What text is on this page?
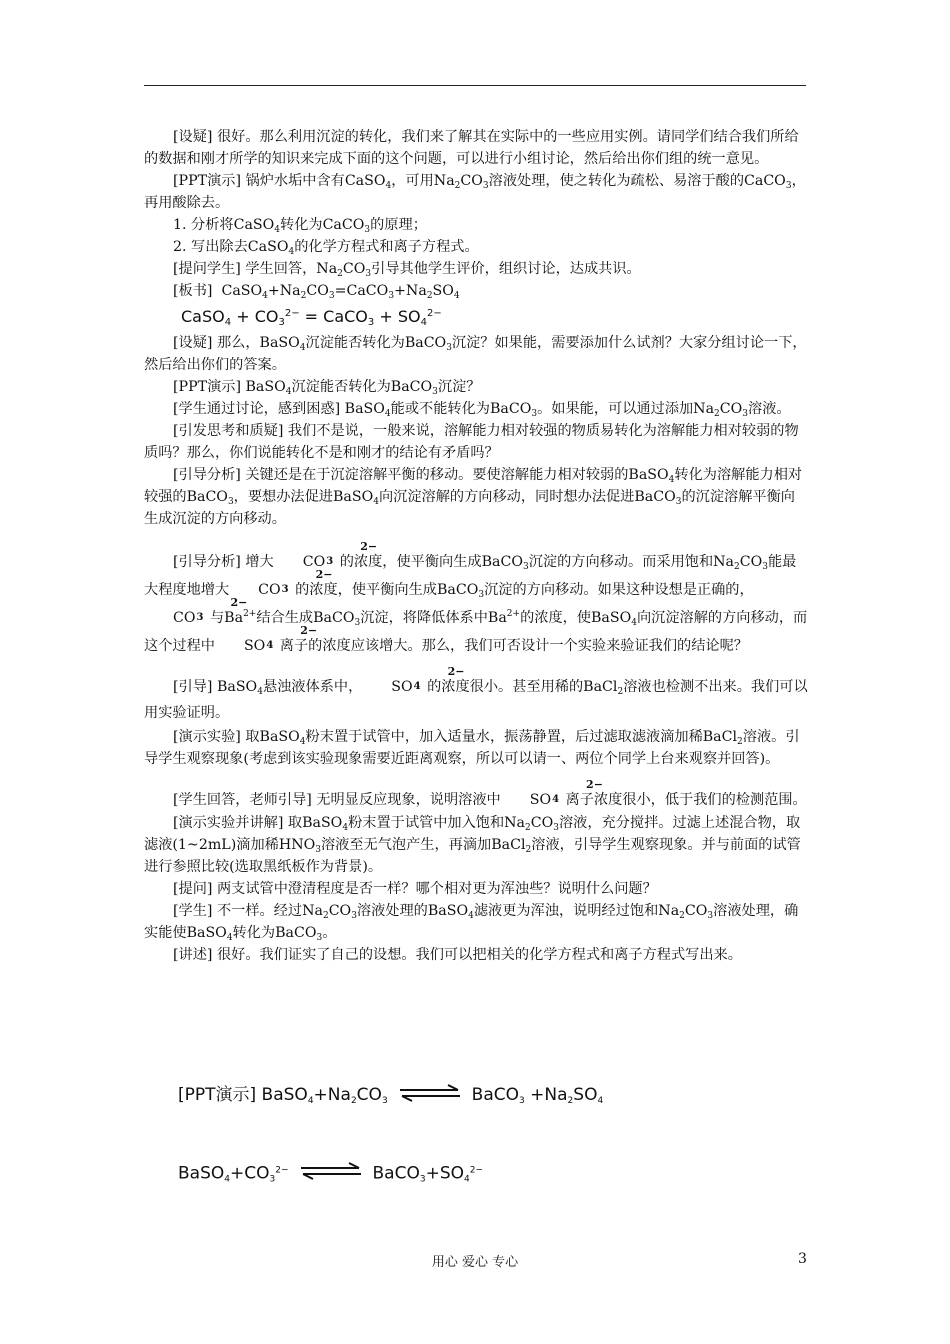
[设疑] 很好。那么利用沉淀的转化，我们来了解其在实际中的一些应用实例。请同学们结合我们所给的数据和刚才所学的知识来完成下面的这个问题，可以进行小组讨论，然后给出你们组的统一意见。

[PPT演示] 锅炉水垢中含有CaSO$_4$，可用$Na_2CO_3$溶液处理，使之转化为疏松、易溶于酸的CaCO$_3$，再用酸除去。

1. 分析将CaSO$_4$转化为CaCO$_3$的原理；

2. 写出除去CaSO$_4$的化学方程式和离子方程式。

[提问学生] 学生回答，$Na_2CO_3$引导其他学生评价，组织讨论，达成共识。

[板书]  $CaSO_4+Na_2CO_3=CaCO_3+Na_2SO_4$

CaSO$_4$ + $CO_3^{2-}$ = CaCO$_3$ + $SO_4^{2-}$

[设疑] 那么，BaSO$_4$沉淀能否转化为BaCO$_3$沉淀？如果能，需要添加什么试剂？大家分组讨论一下，然后给出你们的答案。

[PPT演示] BaSO$_4$沉淀能否转化为BaCO$_3$沉淀？

[学生通过讨论，感到困惑] BaSO$_4$能或不能转化为BaCO$_3$。如果能，可以通过添加$Na_2CO_3$溶液。

[引发思考和质疑] 我们不是说，一般来说，溶解能力相对较强的物质易转化为溶解能力相对较弱的物质吗？那么，你们说能转化不是和刚才的结论有矛盾吗？

[引导分析] 关键还是在于沉淀溶解平衡的移动。要使溶解能力相对较弱的BaSO$_4$转化为溶解能力相对较强的BaCO$_3$，要想办法促进BaSO$_4$向沉淀溶解的方向移动，同时想办法促进BaCO$_3$的沉淀溶解平衡向生成沉淀的方向移动。

[引导分析] 增大 CO3
2−
的浓度，使平衡向生成BaCO$_3$沉淀的方向移动。而采用饱和$Na_2CO_3$能最大程度地增大 CO3
2−
的浓度，使平衡向生成BaCO$_3$沉淀的方向移动。如果这种设想是正确的，CO3
2−
与$Ba^{2+}$结合生成BaCO$_3$沉淀，将降低体系中$Ba^{2+}$的浓度，使BaSO$_4$向沉淀溶解的方向移动，而这个过程中 SO4
2−
离子的浓度应该增大。那么，我们可否设计一个实验来验证我们的结论呢？

[引导] BaSO$_4$悬浊液体系中， SO4
2−
的浓度很小。甚至用稀的BaCl$_2$溶液也检测不出来。我们可以用实验证明。

[演示实验] 取BaSO$_4$粉末置于试管中，加入适量水，振荡静置，后过滤取滤液滴加稀BaCl$_2$溶液。引导学生观察现象(考虑到该实验现象需要近距离观察，所以可以请一、两位个同学上台来观察并回答)。

[学生回答，老师引导] 无明显反应现象，说明溶液中 SO4
2−
离子浓度很小，低于我们的检测范围。

[演示实验并讲解] 取BaSO$_4$粉末置于试管中加入饱和$Na_2CO_3$溶液，充分搅拌。过滤上述混合物，取滤液(1~2mL)滴加稀$HNO_3$溶液至无气泡产生，再滴加BaCl$_2$溶液，引导学生观察现象。并与前面的试管进行参照比较(选取黑纸板作为背景)。

[提问] 两支试管中澄清程度是否一样？哪个相对更为浑浊些？说明什么问题？

[学生] 不一样。经过$Na_2CO_3$溶液处理的BaSO$_4$滤液更为浑浊，说明经过饱和$Na_2CO_3$溶液处理，确实能使BaSO$_4$转化为BaCO$_3$。

[讲述] 很好。我们证实了自己的设想。我们可以把相关的化学方程式和离子方程式写出来。

[PPT演示] $BaSO_4+Na_2CO_3$ ⇌ BaCO$_3$ $+Na_2SO_4$
$BaSO_4+CO_3^{2-}$ ⇌ $BaCO_3+SO_4^{2-}$
用心 爱心 专心	3
